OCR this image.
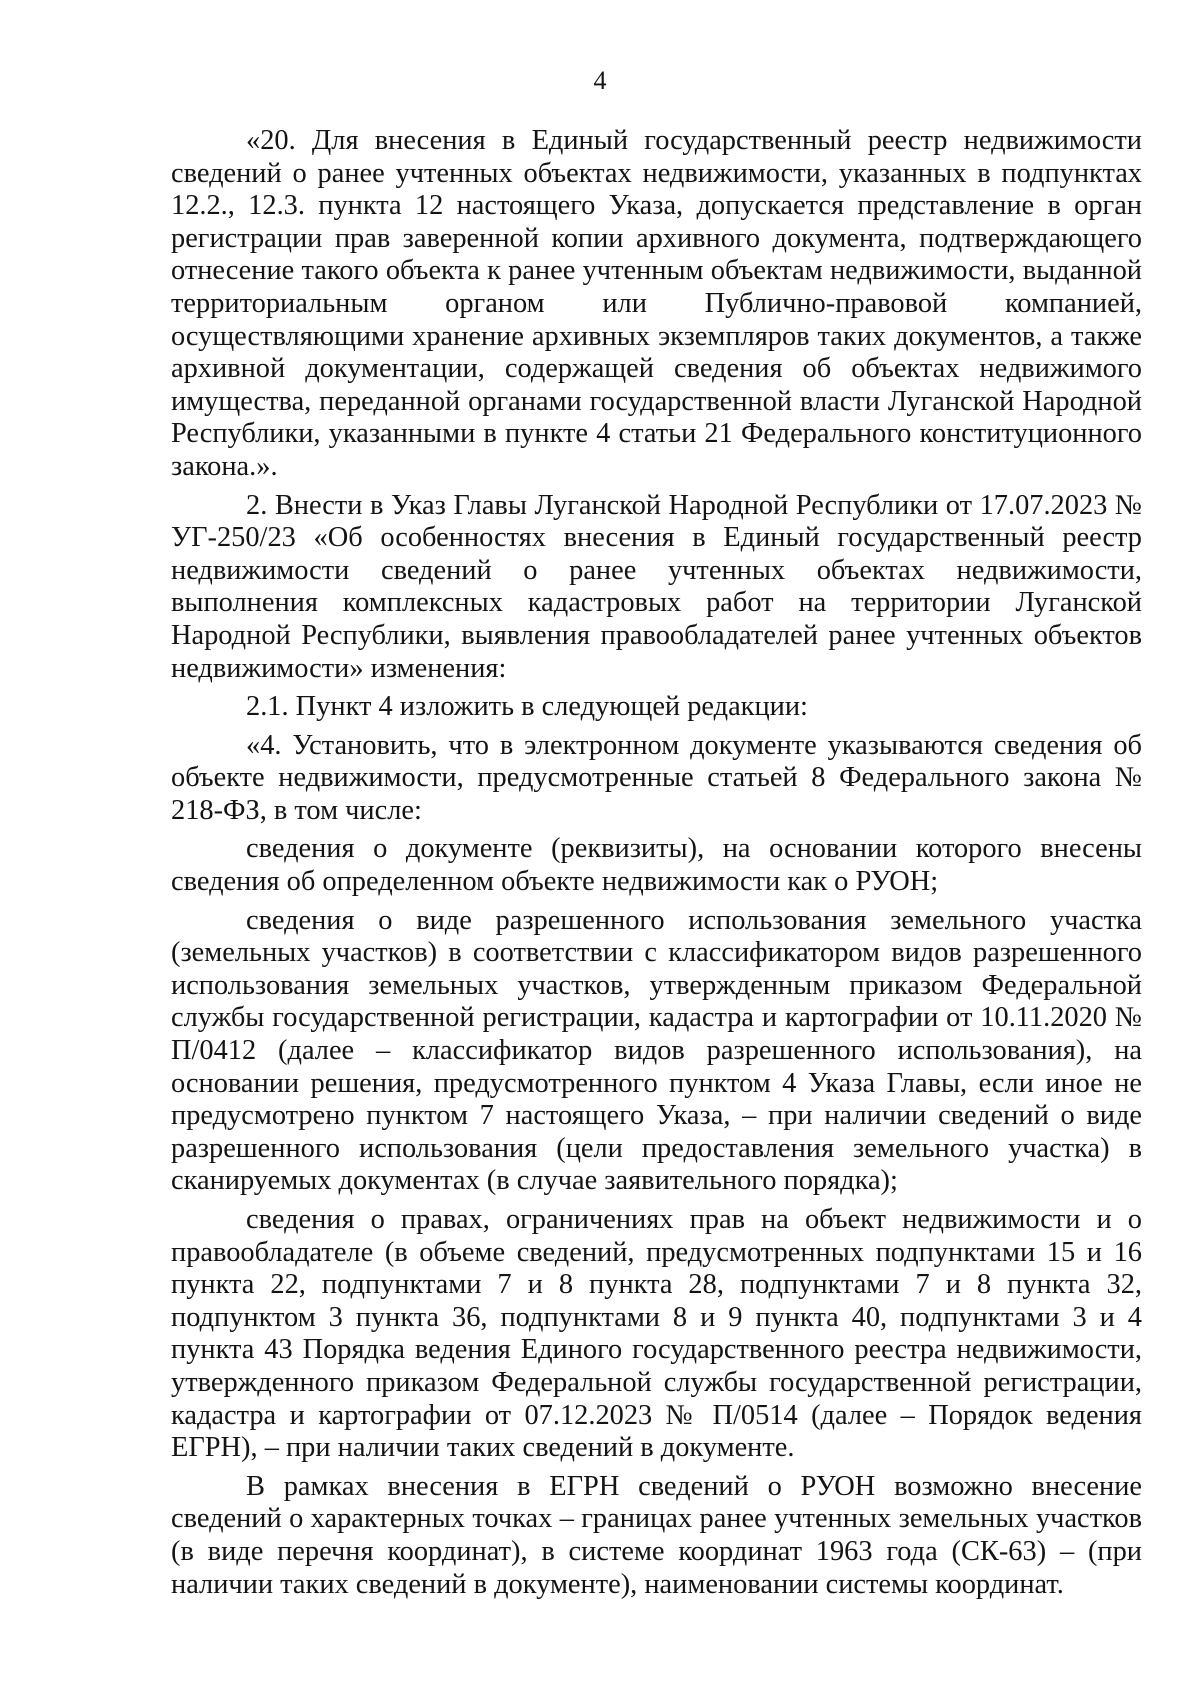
4

«20. Для внесения в Единый государственный реестр недвижимости сведений о ранее учтенных объектах недвижимости, указанных в подпунктах 12.2., 12.3. пункта 12 настоящего Указа, допускается представление в орган регистрации прав заверенной копии архивного документа, подтверждающего отнесение такого объекта к ранее учтенным объектам недвижимости, выданной территориальным органом или Публично-правовой компанией, осуществляющими хранение архивных экземпляров таких документов, а также архивной документации, содержащей сведения об объектах недвижимого имущества, переданной органами государственной власти Луганской Народной Республики, указанными в пункте 4 статьи 21 Федерального конституционного закона.».

2. Внести в Указ Главы Луганской Народной Республики от 17.07.2023 № УГ-250/23 «Об особенностях внесения в Единый государственный реестр недвижимости сведений о ранее учтенных объектах недвижимости, выполнения комплексных кадастровых работ на территории Луганской Народной Республики, выявления правообладателей ранее учтенных объектов недвижимости» изменения:

2.1. Пункт 4 изложить в следующей редакции:

«4. Установить, что в электронном документе указываются сведения об объекте недвижимости, предусмотренные статьей 8 Федерального закона № 218-ФЗ, в том числе:

сведения о документе (реквизиты), на основании которого внесены сведения об определенном объекте недвижимости как о РУОН;

сведения о виде разрешенного использования земельного участка (земельных участков) в соответствии с классификатором видов разрешенного использования земельных участков, утвержденным приказом Федеральной службы государственной регистрации, кадастра и картографии от 10.11.2020 № П/0412 (далее – классификатор видов разрешенного использования), на основании решения, предусмотренного пунктом 4 Указа Главы, если иное не предусмотрено пунктом 7 настоящего Указа, – при наличии сведений о виде разрешенного использования (цели предоставления земельного участка) в сканируемых документах (в случае заявительного порядка);

сведения о правах, ограничениях прав на объект недвижимости и о правообладателе (в объеме сведений, предусмотренных подпунктами 15 и 16 пункта 22, подпунктами 7 и 8 пункта 28, подпунктами 7 и 8 пункта 32, подпунктом 3 пункта 36, подпунктами 8 и 9 пункта 40, подпунктами 3 и 4 пункта 43 Порядка ведения Единого государственного реестра недвижимости, утвержденного приказом Федеральной службы государственной регистрации, кадастра и картографии от 07.12.2023 № П/0514 (далее – Порядок ведения ЕГРН), – при наличии таких сведений в документе.

В рамках внесения в ЕГРН сведений о РУОН возможно внесение сведений о характерных точках – границах ранее учтенных земельных участков (в виде перечня координат), в системе координат 1963 года (СК-63) – (при наличии таких сведений в документе), наименовании системы координат.
